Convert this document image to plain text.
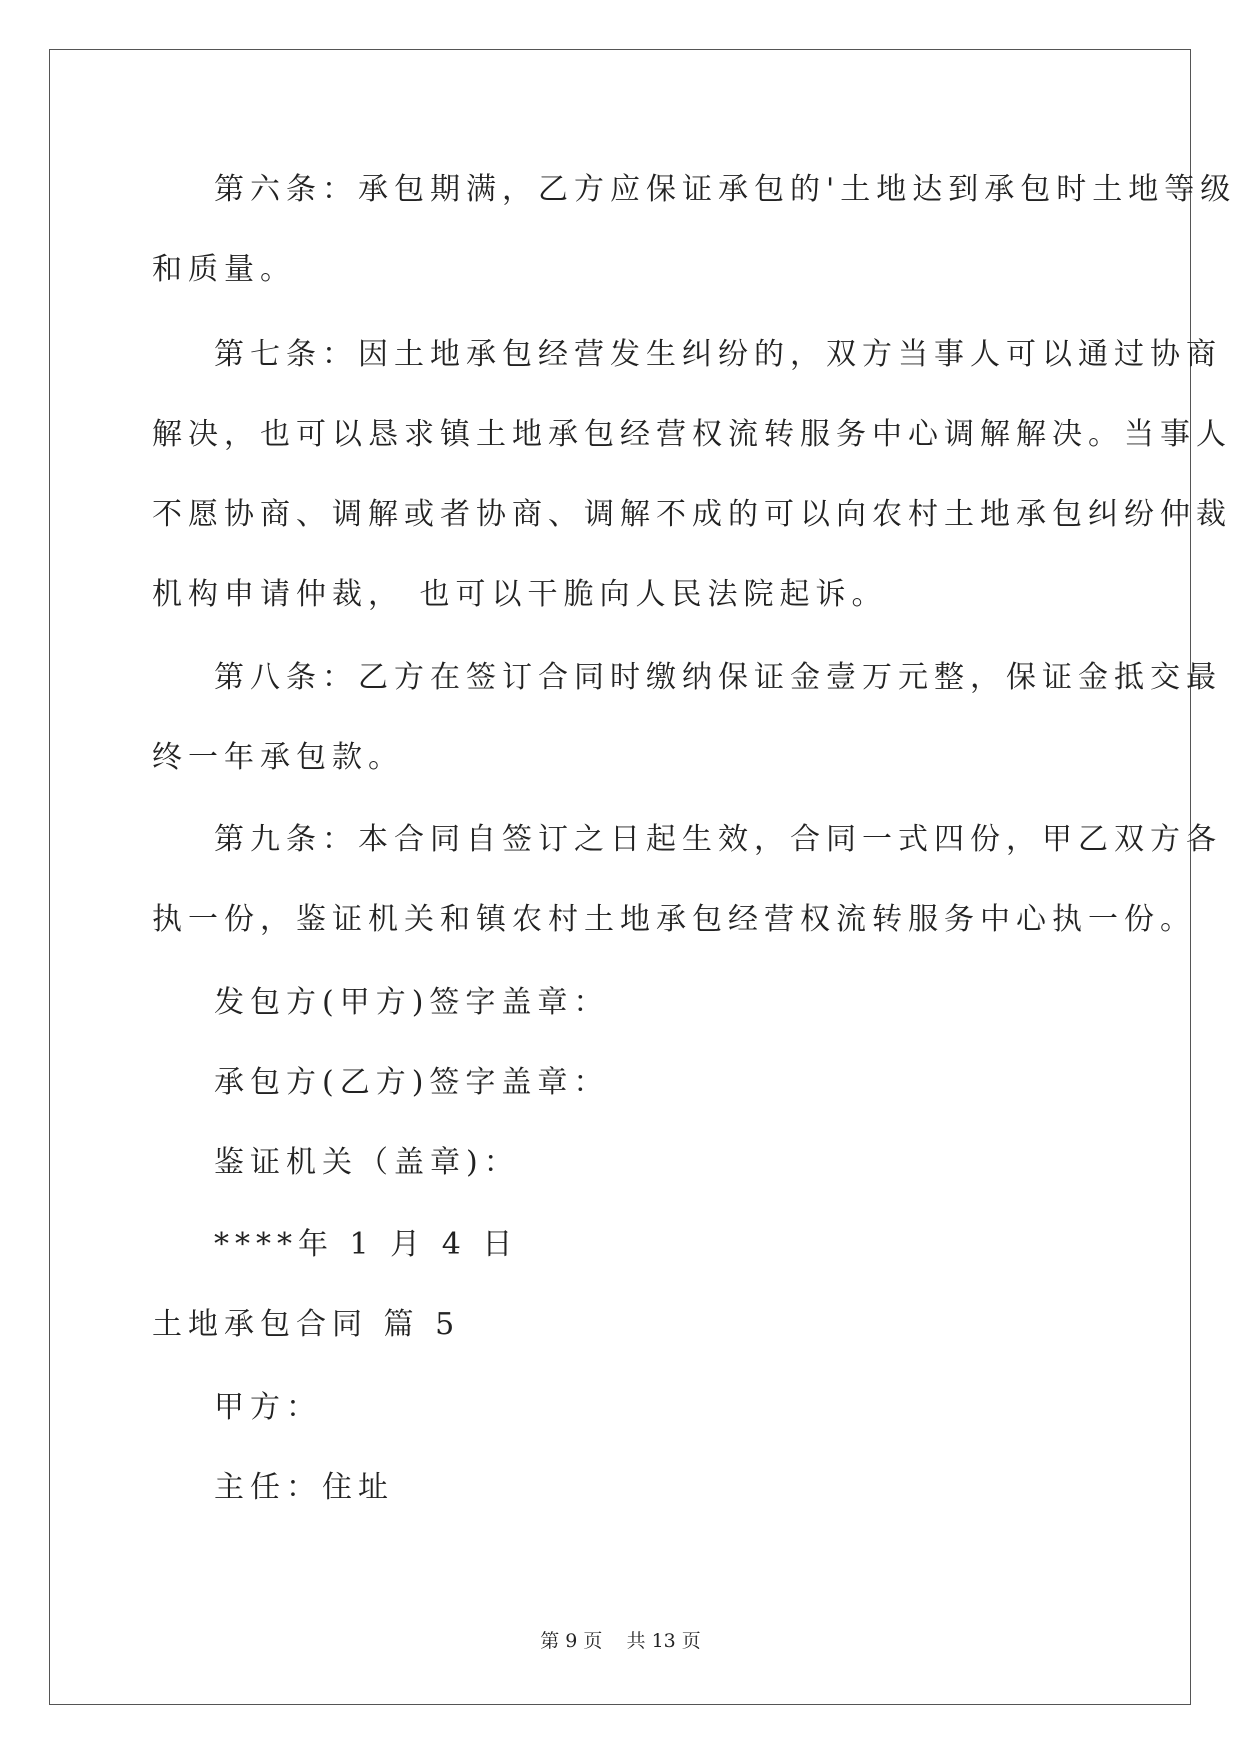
第六条：承包期满，乙方应保证承包的'土地达到承包时土地等级
和质量。
第七条：因土地承包经营发生纠纷的，双方当事人可以通过协商
解决，也可以恳求镇土地承包经营权流转服务中心调解解决。当事人
不愿协商、调解或者协商、调解不成的可以向农村土地承包纠纷仲裁
机构申请仲裁， 也可以干脆向人民法院起诉。
第八条：乙方在签订合同时缴纳保证金壹万元整，保证金抵交最
终一年承包款。
第九条：本合同自签订之日起生效，合同一式四份，甲乙双方各
执一份，鉴证机关和镇农村土地承包经营权流转服务中心执一份。
发包方(甲方)签字盖章：
承包方(乙方)签字盖章：
鉴证机关（盖章)：
****年 1 月 4 日
土地承包合同 篇 5
甲方：
主任：住址
第 9 页 共 13 页
